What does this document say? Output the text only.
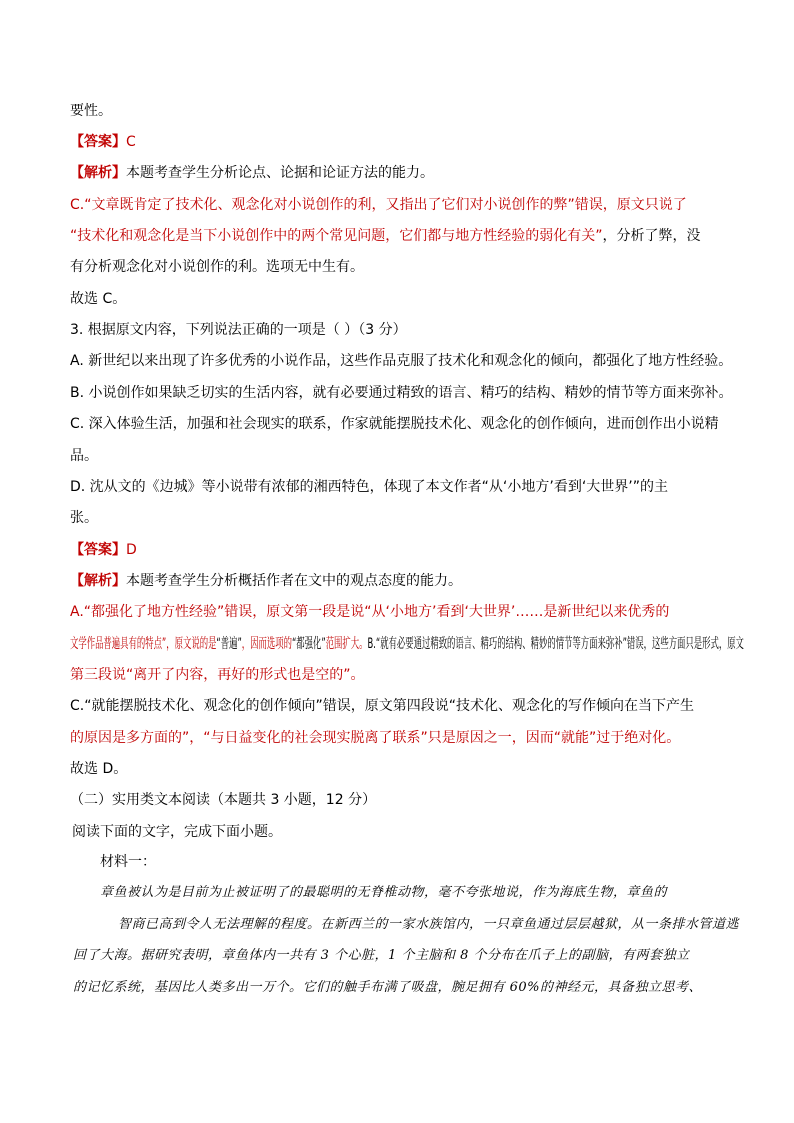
要性。
【答案】C
【解析】本题考查学生分析论点、论据和论证方法的能力。
C.“文章既肯定了技术化、观念化对小说创作的利，又指出了它们对小说创作的弊”错误，原文只说了
“技术化和观念化是当下小说创作中的两个常见问题，它们都与地方性经验的弱化有关”，分析了弊，没
有分析观念化对小说创作的利。选项无中生有。
故选 C。
3. 根据原文内容，下列说法正确的一项是（ ）（3 分）
A. 新世纪以来出现了许多优秀的小说作品，这些作品克服了技术化和观念化的倾向，都强化了地方性经验。
B. 小说创作如果缺乏切实的生活内容，就有必要通过精致的语言、精巧的结构、精妙的情节等方面来弥补。
C. 深入体验生活，加强和社会现实的联系，作家就能摆脱技术化、观念化的创作倾向，进而创作出小说精
品。
D. 沈从文的《边城》等小说带有浓郁的湘西特色，体现了本文作者“从‘小地方’看到‘大世界’”的主
张。
【答案】D
【解析】本题考查学生分析概括作者在文中的观点态度的能力。
A.“都强化了地方性经验”错误，原文第一段是说“从‘小地方’看到‘大世界’……是新世纪以来优秀的
文学作品普遍具有的特点”，原文说的是“普遍”，因而选项的“都强化”范围扩大。B.“就有必要通过精致的语言、精巧的结构、精妙的情节等方面来弥补”错误，这些方面只是形式，原文
第三段说“离开了内容，再好的形式也是空的”。
C.“就能摆脱技术化、观念化的创作倾向”错误，原文第四段说“技术化、观念化的写作倾向在当下产生
的原因是多方面的”，“与日益变化的社会现实脱离了联系”只是原因之一，因而“就能”过于绝对化。
故选 D。
（二）实用类文本阅读（本题共 3 小题，12 分）
阅读下面的文字，完成下面小题。
材料一：
章鱼被认为是目前为止被证明了的最聪明的无脊椎动物，毫不夸张地说，作为海底生物，章鱼的
智商已高到令人无法理解的程度。在新西兰的一家水族馆内，一只章鱼通过层层越狱，从一条排水管道逃
回了大海。据研究表明，章鱼体内一共有 3 个心脏，1 个主脑和 8 个分布在爪子上的副脑，有两套独立
的记忆系统，基因比人类多出一万个。它们的触手布满了吸盘，腕足拥有 60%的神经元，具备独立思考、
